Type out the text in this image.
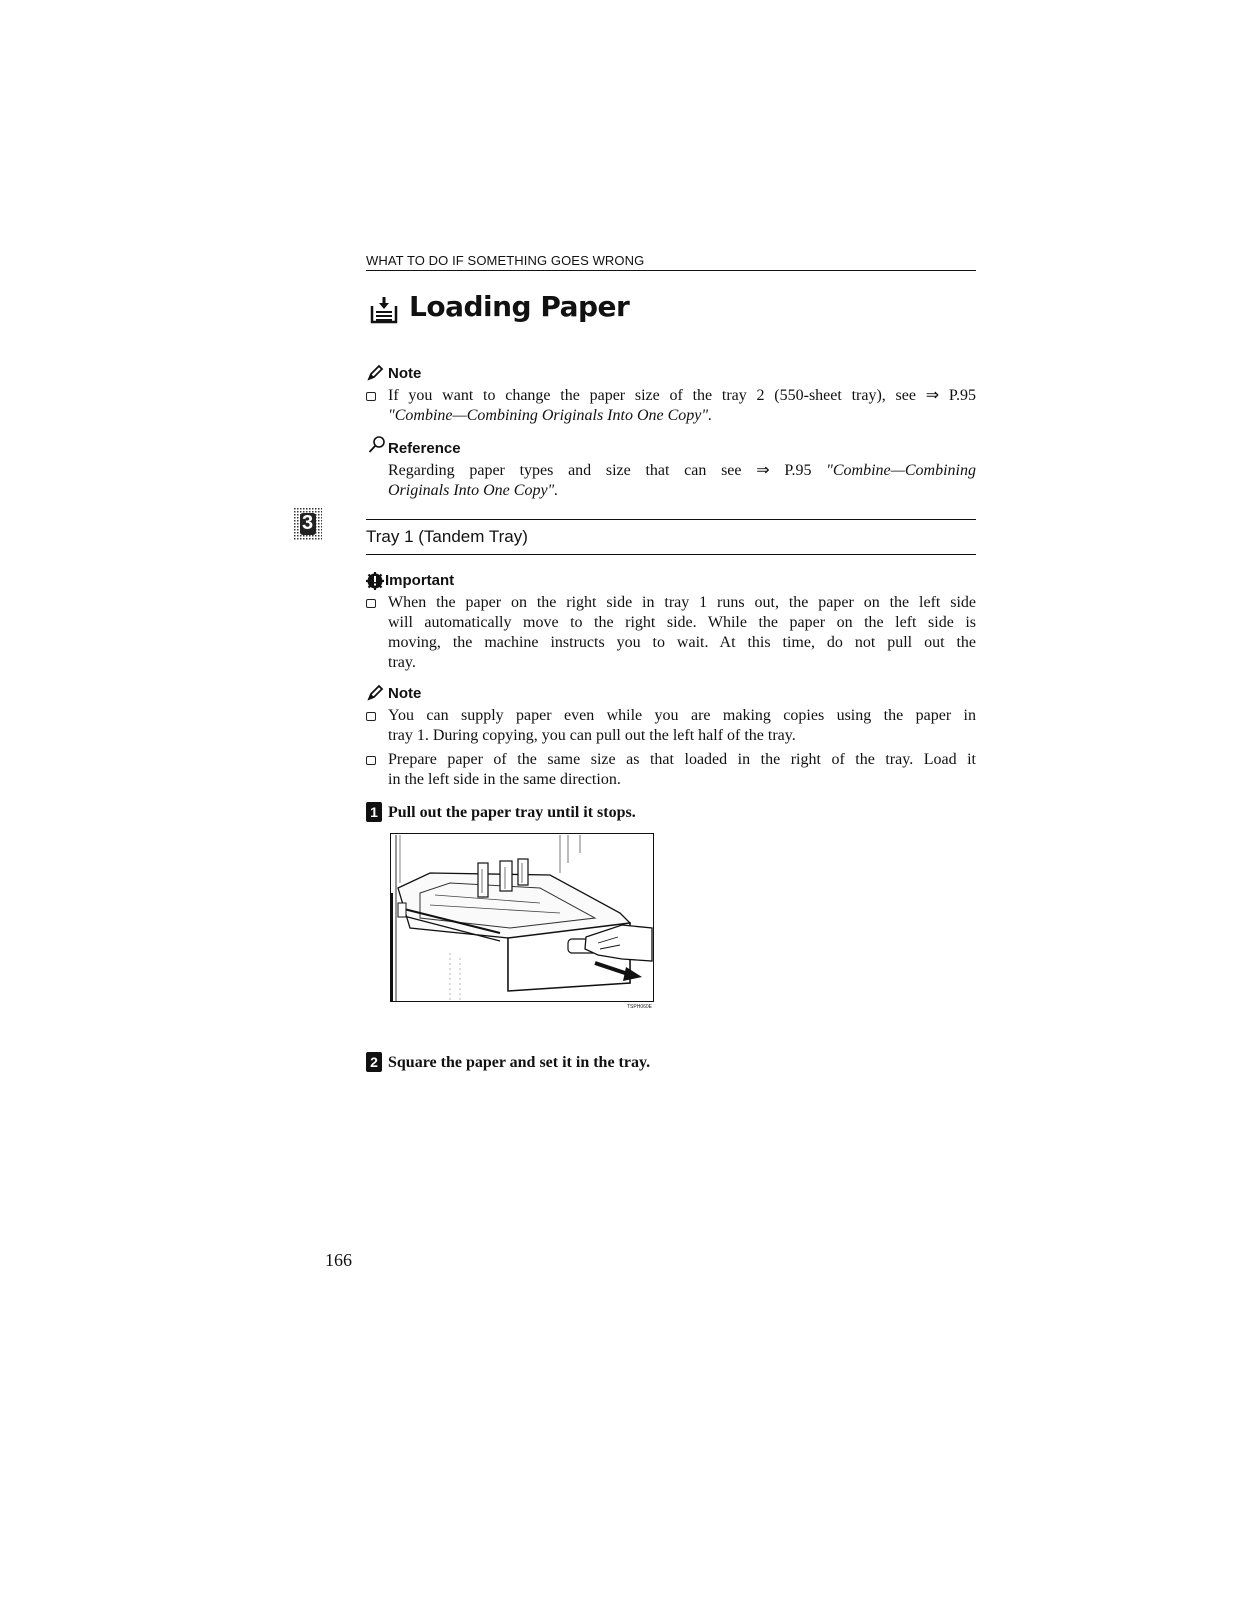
WHAT TO DO IF SOMETHING GOES WRONG
3
Loading Paper
Note
If you want to change the paper size of the tray 2 (550-sheet tray), see ⇒ P.95
"Combine—Combining Originals Into One Copy".
Reference
Regarding paper types and size that can see ⇒ P.95 "Combine—Combining
Originals Into One Copy".
Tray 1 (Tandem Tray)
Important
When the paper on the right side in tray 1 runs out, the paper on the left side
will automatically move to the right side. While the paper on the left side is
moving, the machine instructs you to wait. At this time, do not pull out the
tray.
Note
You can supply paper even while you are making copies using the paper in
tray 1. During copying, you can pull out the left half of the tray.
Prepare paper of the same size as that loaded in the right of the tray. Load it
in the left side in the same direction.
1 Pull out the paper tray until it stops.
TSPH060E
2 Square the paper and set it in the tray.
166
